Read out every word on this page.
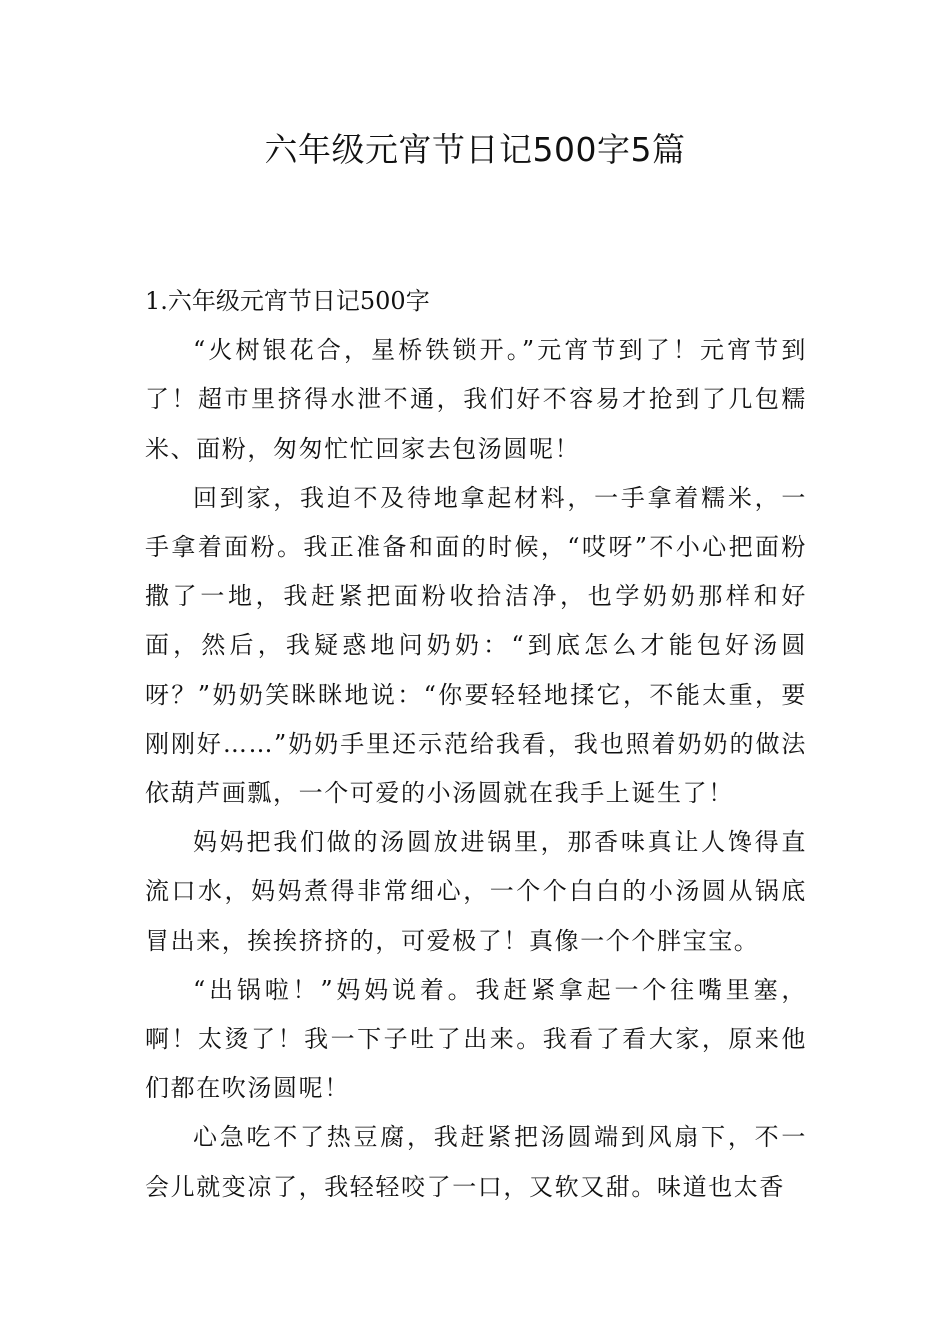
六年级元宵节日记500字5篇
1.六年级元宵节日记500字

“火树银花合，星桥铁锁开。”元宵节到了！元宵节到了！超市里挤得水泄不通，我们好不容易才抢到了几包糯米、面粉，匆匆忙忙回家去包汤圆呢！

回到家，我迫不及待地拿起材料，一手拿着糯米，一手拿着面粉。我正准备和面的时候，“哎呀”不小心把面粉撒了一地，我赶紧把面粉收拾洁净，也学奶奶那样和好面，然后，我疑惑地问奶奶：“到底怎么才能包好汤圆呀？”奶奶笑眯眯地说：“你要轻轻地揉它，不能太重，要刚刚好……”奶奶手里还示范给我看，我也照着奶奶的做法依葫芦画瓢，一个可爱的小汤圆就在我手上诞生了！

妈妈把我们做的汤圆放进锅里，那香味真让人馋得直流口水，妈妈煮得非常细心，一个个白白的小汤圆从锅底冒出来，挨挨挤挤的，可爱极了！真像一个个胖宝宝。

“出锅啦！”妈妈说着。我赶紧拿起一个往嘴里塞，啊！太烫了！我一下子吐了出来。我看了看大家，原来他们都在吹汤圆呢！

心急吃不了热豆腐，我赶紧把汤圆端到风扇下，不一会儿就变凉了，我轻轻咬了一口，又软又甜。味道也太香
